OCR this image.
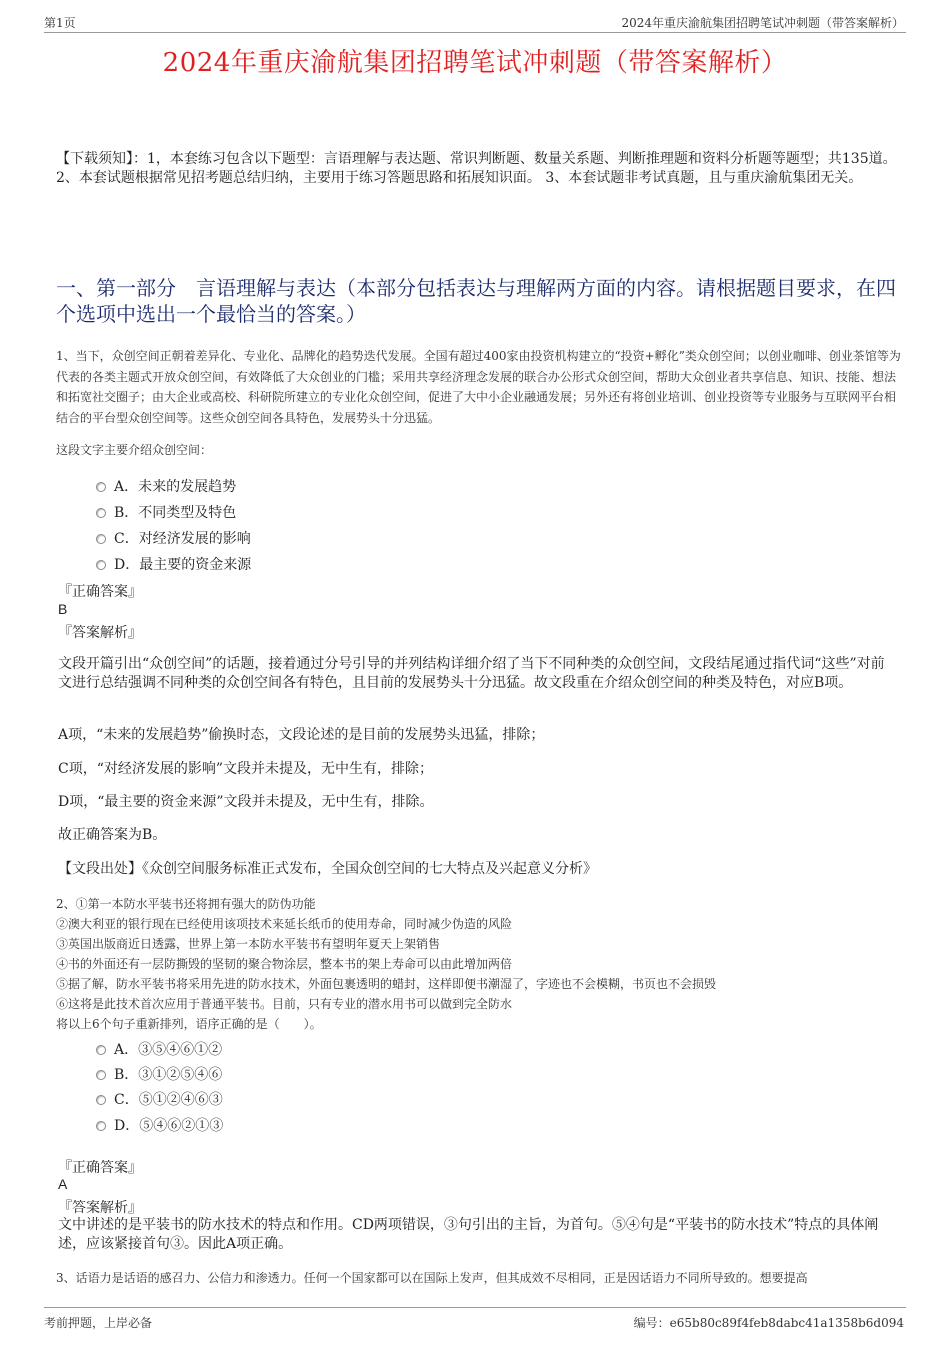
第1页	2024年重庆渝航集团招聘笔试冲刺题（带答案解析）
2024年重庆渝航集团招聘笔试冲刺题（带答案解析）
【下载须知】：1，本套练习包含以下题型：言语理解与表达题、常识判断题、数量关系题、判断推理题和资料分析题等题型；共135道。 2、本套试题根据常见招考题总结归纳，主要用于练习答题思路和拓展知识面。 3、本套试题非考试真题，且与重庆渝航集团无关。
一、第一部分　言语理解与表达（本部分包括表达与理解两方面的内容。请根据题目要求，在四个选项中选出一个最恰当的答案。）
1、当下，众创空间正朝着差异化、专业化、品牌化的趋势迭代发展。全国有超过400家由投资机构建立的“投资+孵化”类众创空间；以创业咖啡、创业茶馆等为代表的各类主题式开放众创空间，有效降低了大众创业的门槛；采用共享经济理念发展的联合办公形式众创空间，帮助大众创业者共享信息、知识、技能、想法和拓宽社交圈子；由大企业或高校、科研院所建立的专业化众创空间，促进了大中小企业融通发展；另外还有将创业培训、创业投资等专业服务与互联网平台相结合的平台型众创空间等。这些众创空间各具特色，发展势头十分迅猛。
这段文字主要介绍众创空间：
A．未来的发展趋势
B．不同类型及特色
C．对经济发展的影响
D．最主要的资金来源
『正确答案』
B
『答案解析』
文段开篇引出“众创空间”的话题，接着通过分号引导的并列结构详细介绍了当下不同种类的众创空间，文段结尾通过指代词“这些”对前文进行总结强调不同种类的众创空间各有特色，且目前的发展势头十分迅猛。故文段重在介绍众创空间的种类及特色，对应B项。
A项，“未来的发展趋势”偷换时态，文段论述的是目前的发展势头迅猛，排除；
C项，“对经济发展的影响”文段并未提及，无中生有，排除；
D项，“最主要的资金来源”文段并未提及，无中生有，排除。
故正确答案为B。
【文段出处】《众创空间服务标准正式发布，全国众创空间的七大特点及兴起意义分析》
2、①第一本防水平装书还将拥有强大的防伪功能
②澳大利亚的银行现在已经使用该项技术来延长纸币的使用寿命，同时减少伪造的风险
③英国出版商近日透露，世界上第一本防水平装书有望明年夏天上架销售
④书的外面还有一层防撕毁的坚韧的聚合物涂层，整本书的架上寿命可以由此增加两倍
⑤据了解，防水平装书将采用先进的防水技术，外面包裹透明的蜡封，这样即便书潮湿了，字迹也不会模糊，书页也不会损毁
⑥这将是此技术首次应用于普通平装书。目前，只有专业的潜水用书可以做到完全防水
将以上6个句子重新排列，语序正确的是（　　）。
A．③⑤④⑥①②
B．③①②⑤④⑥
C．⑤①②④⑥③
D．⑤④⑥②①③
『正确答案』
A
『答案解析』
文中讲述的是平装书的防水技术的特点和作用。CD两项错误，③句引出的主旨，为首句。⑤④句是“平装书的防水技术”特点的具体阐述，应该紧接首句③。因此A项正确。
3、话语力是话语的感召力、公信力和渗透力。任何一个国家都可以在国际上发声，但其成效不尽相同，正是因话语力不同所导致的。想要提高
考前押题，上岸必备	编号：e65b80c89f4feb8dabc41a1358b6d094
